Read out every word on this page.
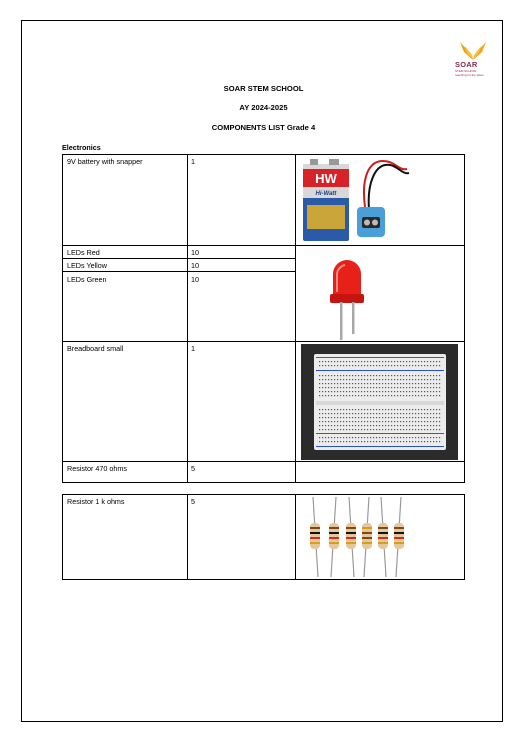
SOAR
STEM SCHOOL
reaching for the skies
SOAR STEM SCHOOL
AY 2024-2025
COMPONENTS LIST Grade 4
Electronics
9V battery with snapper	1
LEDs Red	10
LEDs Yellow	10
LEDs Green	10
Breadboard small	1
Resistor 470 ohms	5
Resistor 1 k ohms	5
HW
Hi-Watt
